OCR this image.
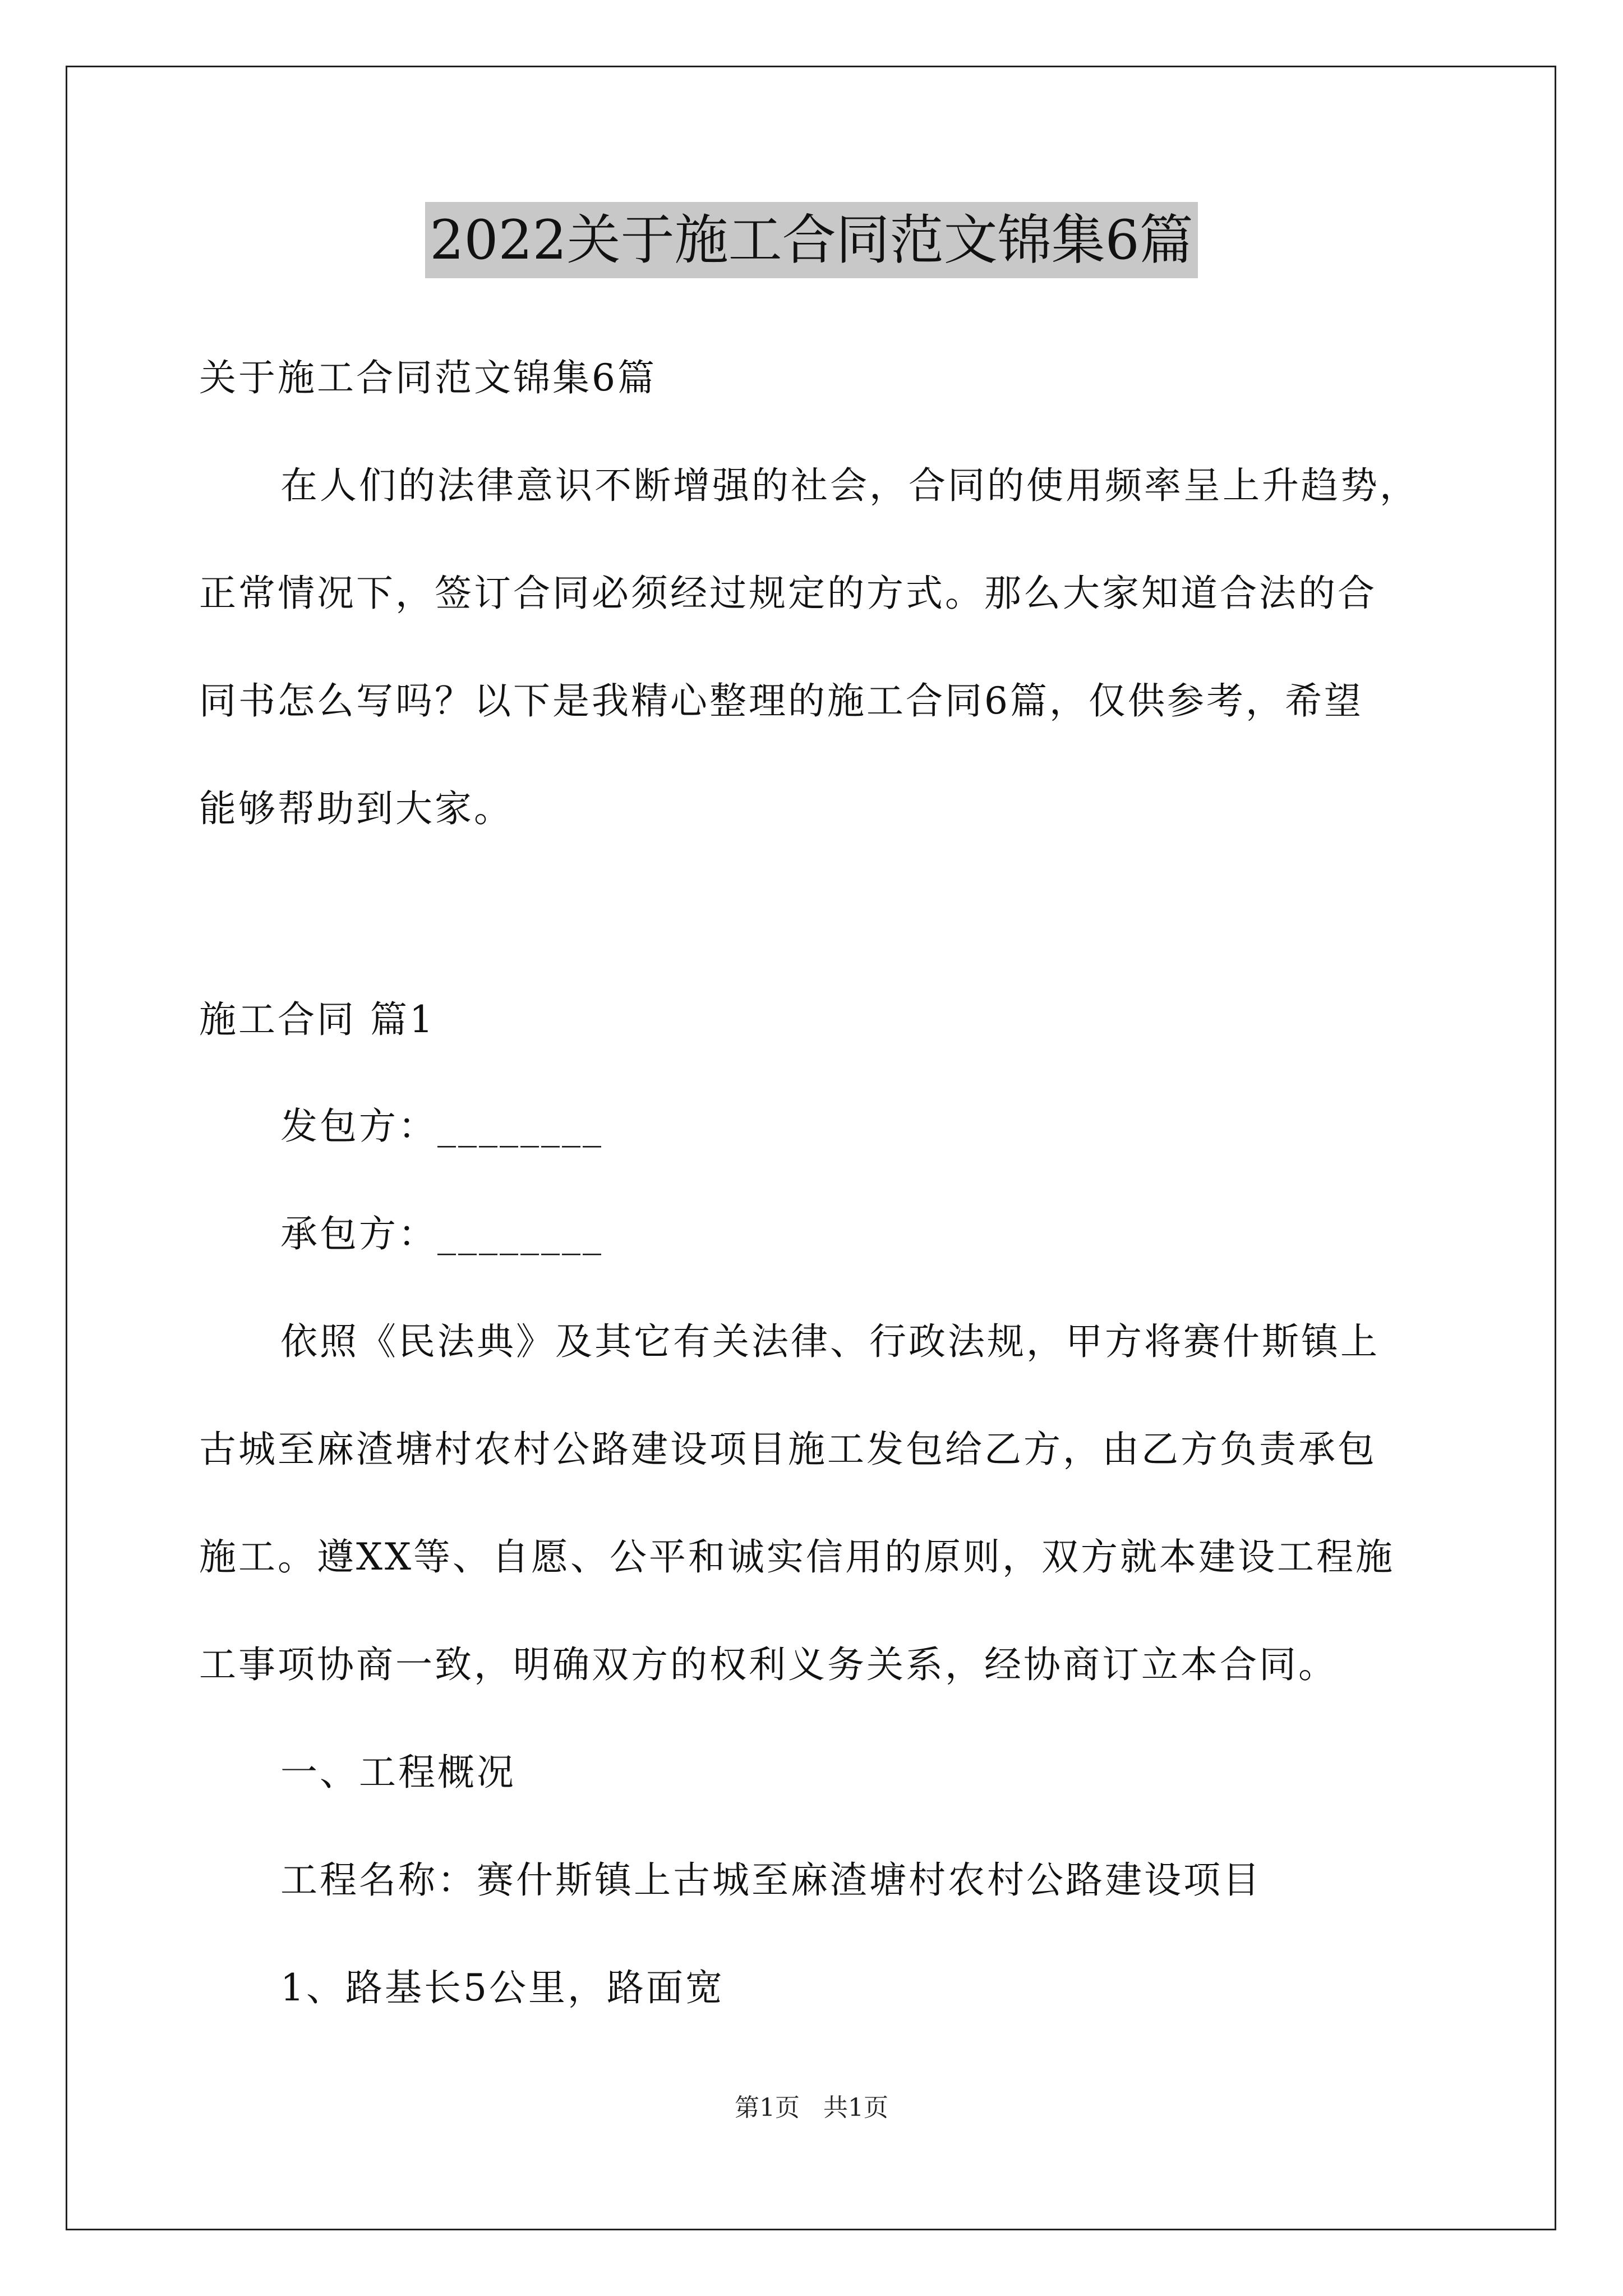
2022关于施工合同范文锦集6篇
关于施工合同范文锦集6篇
在人们的法律意识不断增强的社会，合同的使用频率呈上升趋势，
正常情况下，签订合同必须经过规定的方式。那么大家知道合法的合
同书怎么写吗？以下是我精心整理的施工合同6篇，仅供参考，希望
能够帮助到大家。
施工合同 篇1
发包方：________
承包方：________
依照《民法典》及其它有关法律、行政法规，甲方将赛什斯镇上
古城至麻渣塘村农村公路建设项目施工发包给乙方，由乙方负责承包
施工。遵XX等、自愿、公平和诚实信用的原则，双方就本建设工程施
工事项协商一致，明确双方的权利义务关系，经协商订立本合同。
一、工程概况
工程名称：赛什斯镇上古城至麻渣塘村农村公路建设项目
1、路基长5公里，路面宽
第1页 共1页
